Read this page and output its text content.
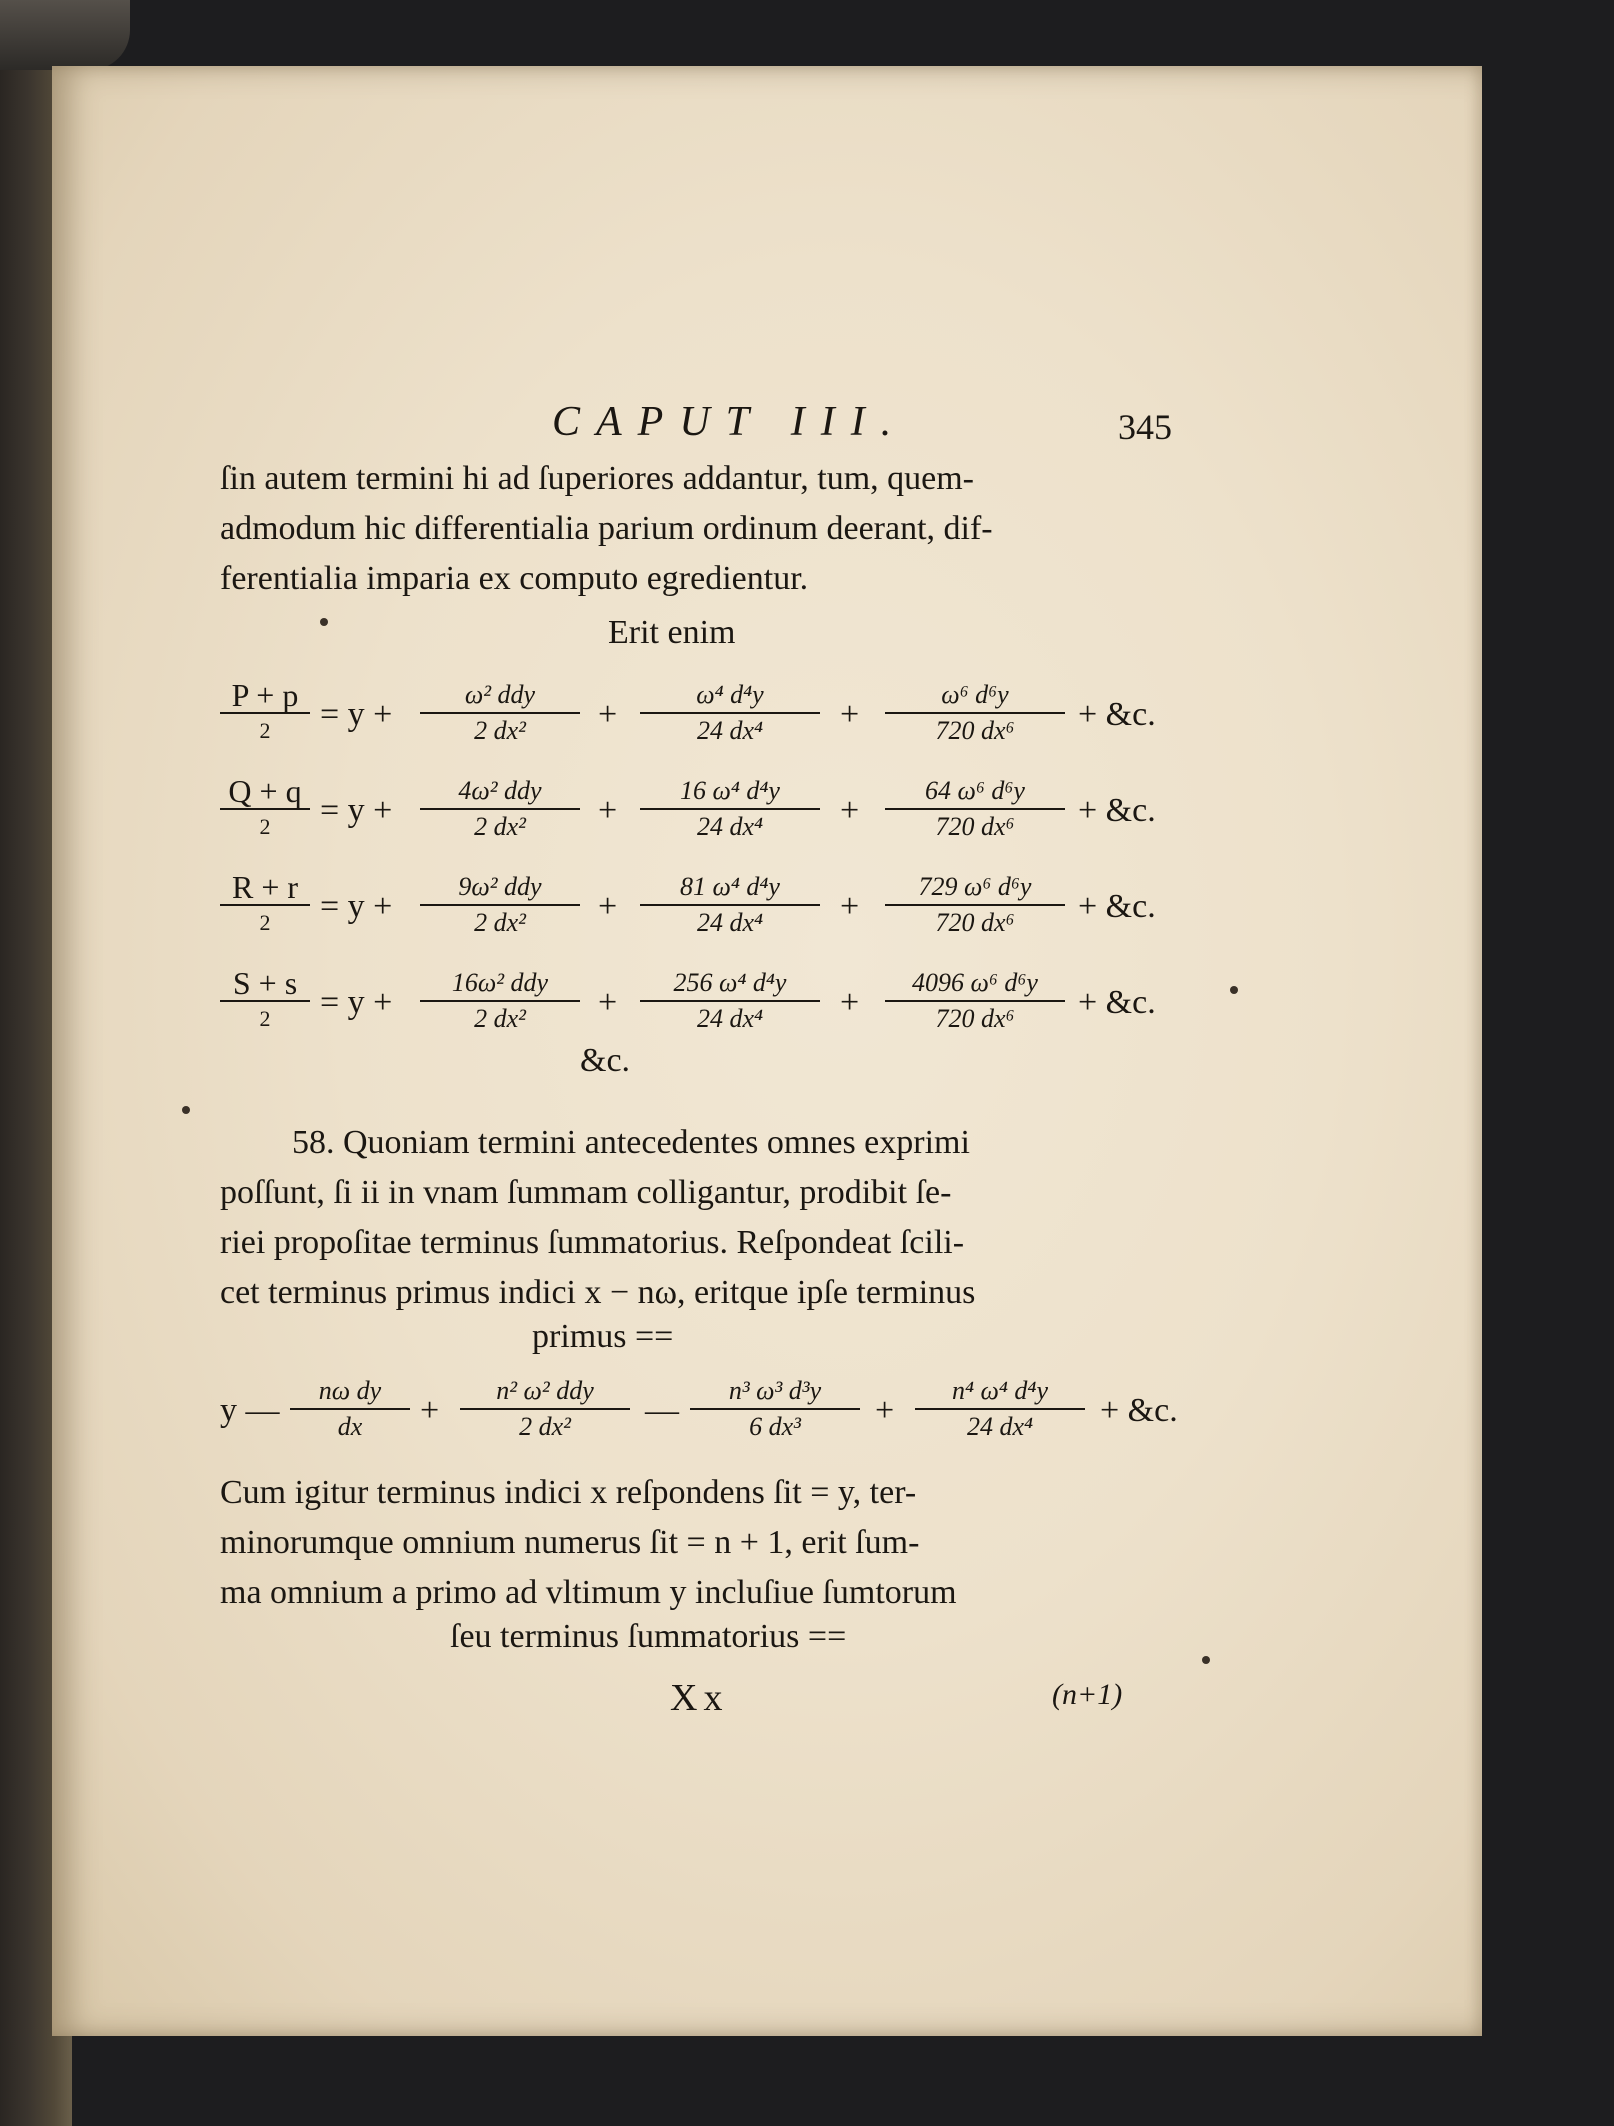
CAPUT III.	345
ſin autem termini hi ad ſuperiores addantur, tum, quem-
admodum hic differentialia parium ordinum deerant, dif-
ferentialia imparia ex computo egredientur.
Erit enim
P + p
2	= y +
ω² ddy
2 dx²	+ $\frac{\text{ω⁴ d⁴y}}{\text{24 dx⁴}} + \frac{\text{ω⁶ d⁶y}}{\text{720 dx⁶}}$ + &c.
Q + q
2	= y +
4ω² ddy
2 dx²	+ $\frac{\text{16 ω⁴ d⁴y}}{\text{24 dx⁴}} + \frac{\text{64 ω⁶ d⁶y}}{\text{720 dx⁶}}$ + &c.
R + r
2	= y +
9ω² ddy
2 dx²	+ $\frac{\text{81 ω⁴ d⁴y}}{\text{24 dx⁴}} + \frac{\text{729 ω⁶ d⁶y}}{\text{720 dx⁶}}$ + &c.
S + s
2	= y +
16ω² ddy
2 dx²	+ $\frac{\text{256 ω⁴ d⁴y}}{\text{24 dx⁴}} + \frac{\text{4096 ω⁶ d⁶y}}{\text{720 dx⁶}}$ + &c.
&c.
58. Quoniam termini antecedentes omnes exprimi
poſſunt, ſi ii in vnam ſummam colligantur, prodibit ſe-
riei propoſitae terminus ſummatorius. Reſpondeat ſcili-
cet terminus primus indici x − nω, eritque ipſe terminus
primus ==
y — $\frac{\text{nω dy}}{dx}$ +
n² ω² ddy
2 dx²	— $\frac{\text{n³ ω³ d³y}}{\text{6 dx³}} + \frac{\text{n⁴ ω⁴ d⁴y}}{\text{24 dx⁴}}$ + &c.
Cum igitur terminus indici x reſpondens ſit = y, ter-
minorumque omnium numerus ſit = n + 1, erit ſum-
ma omnium a primo ad vltimum y incluſiue ſumtorum
ſeu terminus ſummatorius ==
Xx	(n+1)
